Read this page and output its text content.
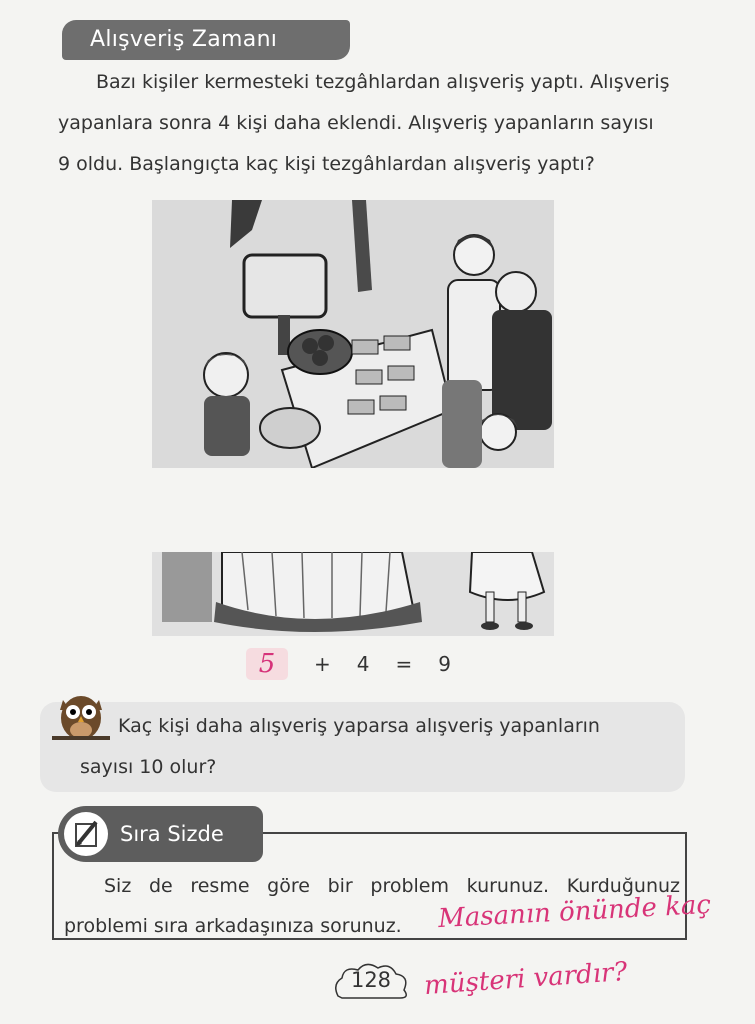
Alışveriş Zamanı
Bazı kişiler kermesteki tezgâhlardan alışveriş yaptı. Alışveriş
yapanlara sonra 4 kişi daha eklendi. Alışveriş yapanların sayısı
9 oldu. Başlangıçta kaç kişi tezgâhlardan alışveriş yaptı?
5 + 4 = 9
Kaç kişi daha alışveriş yaparsa alışveriş yapanların
sayısı 10 olur?
Sıra Sizde
Siz de resme göre bir problem kurunuz. Kurduğunuz
problemi sıra arkadaşınıza sorunuz.	Masanın önünde kaç
müşteri vardır?
128
